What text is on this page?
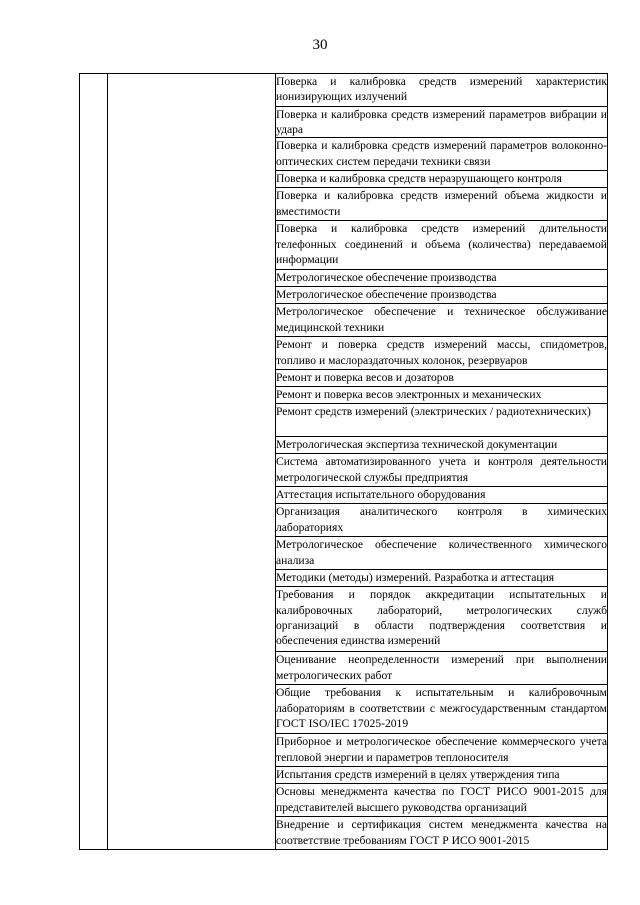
30
		Поверка и калибровка средств измерений характеристик ионизирующих излучений
Поверка и калибровка средств измерений параметров вибрации и удара
Поверка и калибровка средств измерений параметров волоконно-оптических систем передачи техники связи
Поверка и калибровка средств неразрушающего контроля
Поверка и калибровка средств измерений объема жидкости и вместимости
Поверка и калибровка средств измерений длительности телефонных соединений и объема (количества) передаваемой информации
Метрологическое обеспечение производства
Метрологическое обеспечение производства
Метрологическое обеспечение и техническое обслуживание медицинской техники
Ремонт и поверка средств измерений массы, спидометров, топливо и маслораздаточных колонок, резервуаров
Ремонт и поверка весов и дозаторов
Ремонт и поверка весов электронных и механических
Ремонт средств измерений (электрических / радиотехнических)
Метрологическая экспертиза технической документации
Система автоматизированного учета и контроля деятельности метрологической службы предприятия
Аттестация испытательного оборудования
Организация аналитического контроля в химических лабораториях
Метрологическое обеспечение количественного химического анализа
Методики (методы) измерений. Разработка и аттестация
Требования и порядок аккредитации испытательных и калибровочных лабораторий, метрологических служб организаций в области подтверждения соответствия и обеспечения единства измерений
Оценивание неопределенности измерений при выполнении метрологических работ
Общие требования к испытательным и калибровочным лабораториям в соответствии с межгосударственным стандартом ГОСТ ISO/IEC 17025-2019
Приборное и метрологическое обеспечение коммерческого учета тепловой энергии и параметров теплоносителя
Испытания средств измерений в целях утверждения типа
Основы менеджмента качества по ГОСТ РИСО 9001-2015 для представителей высшего руководства организаций
Внедрение и сертификация систем менеджмента качества на соответствие требованиям ГОСТ Р ИСО 9001-2015
